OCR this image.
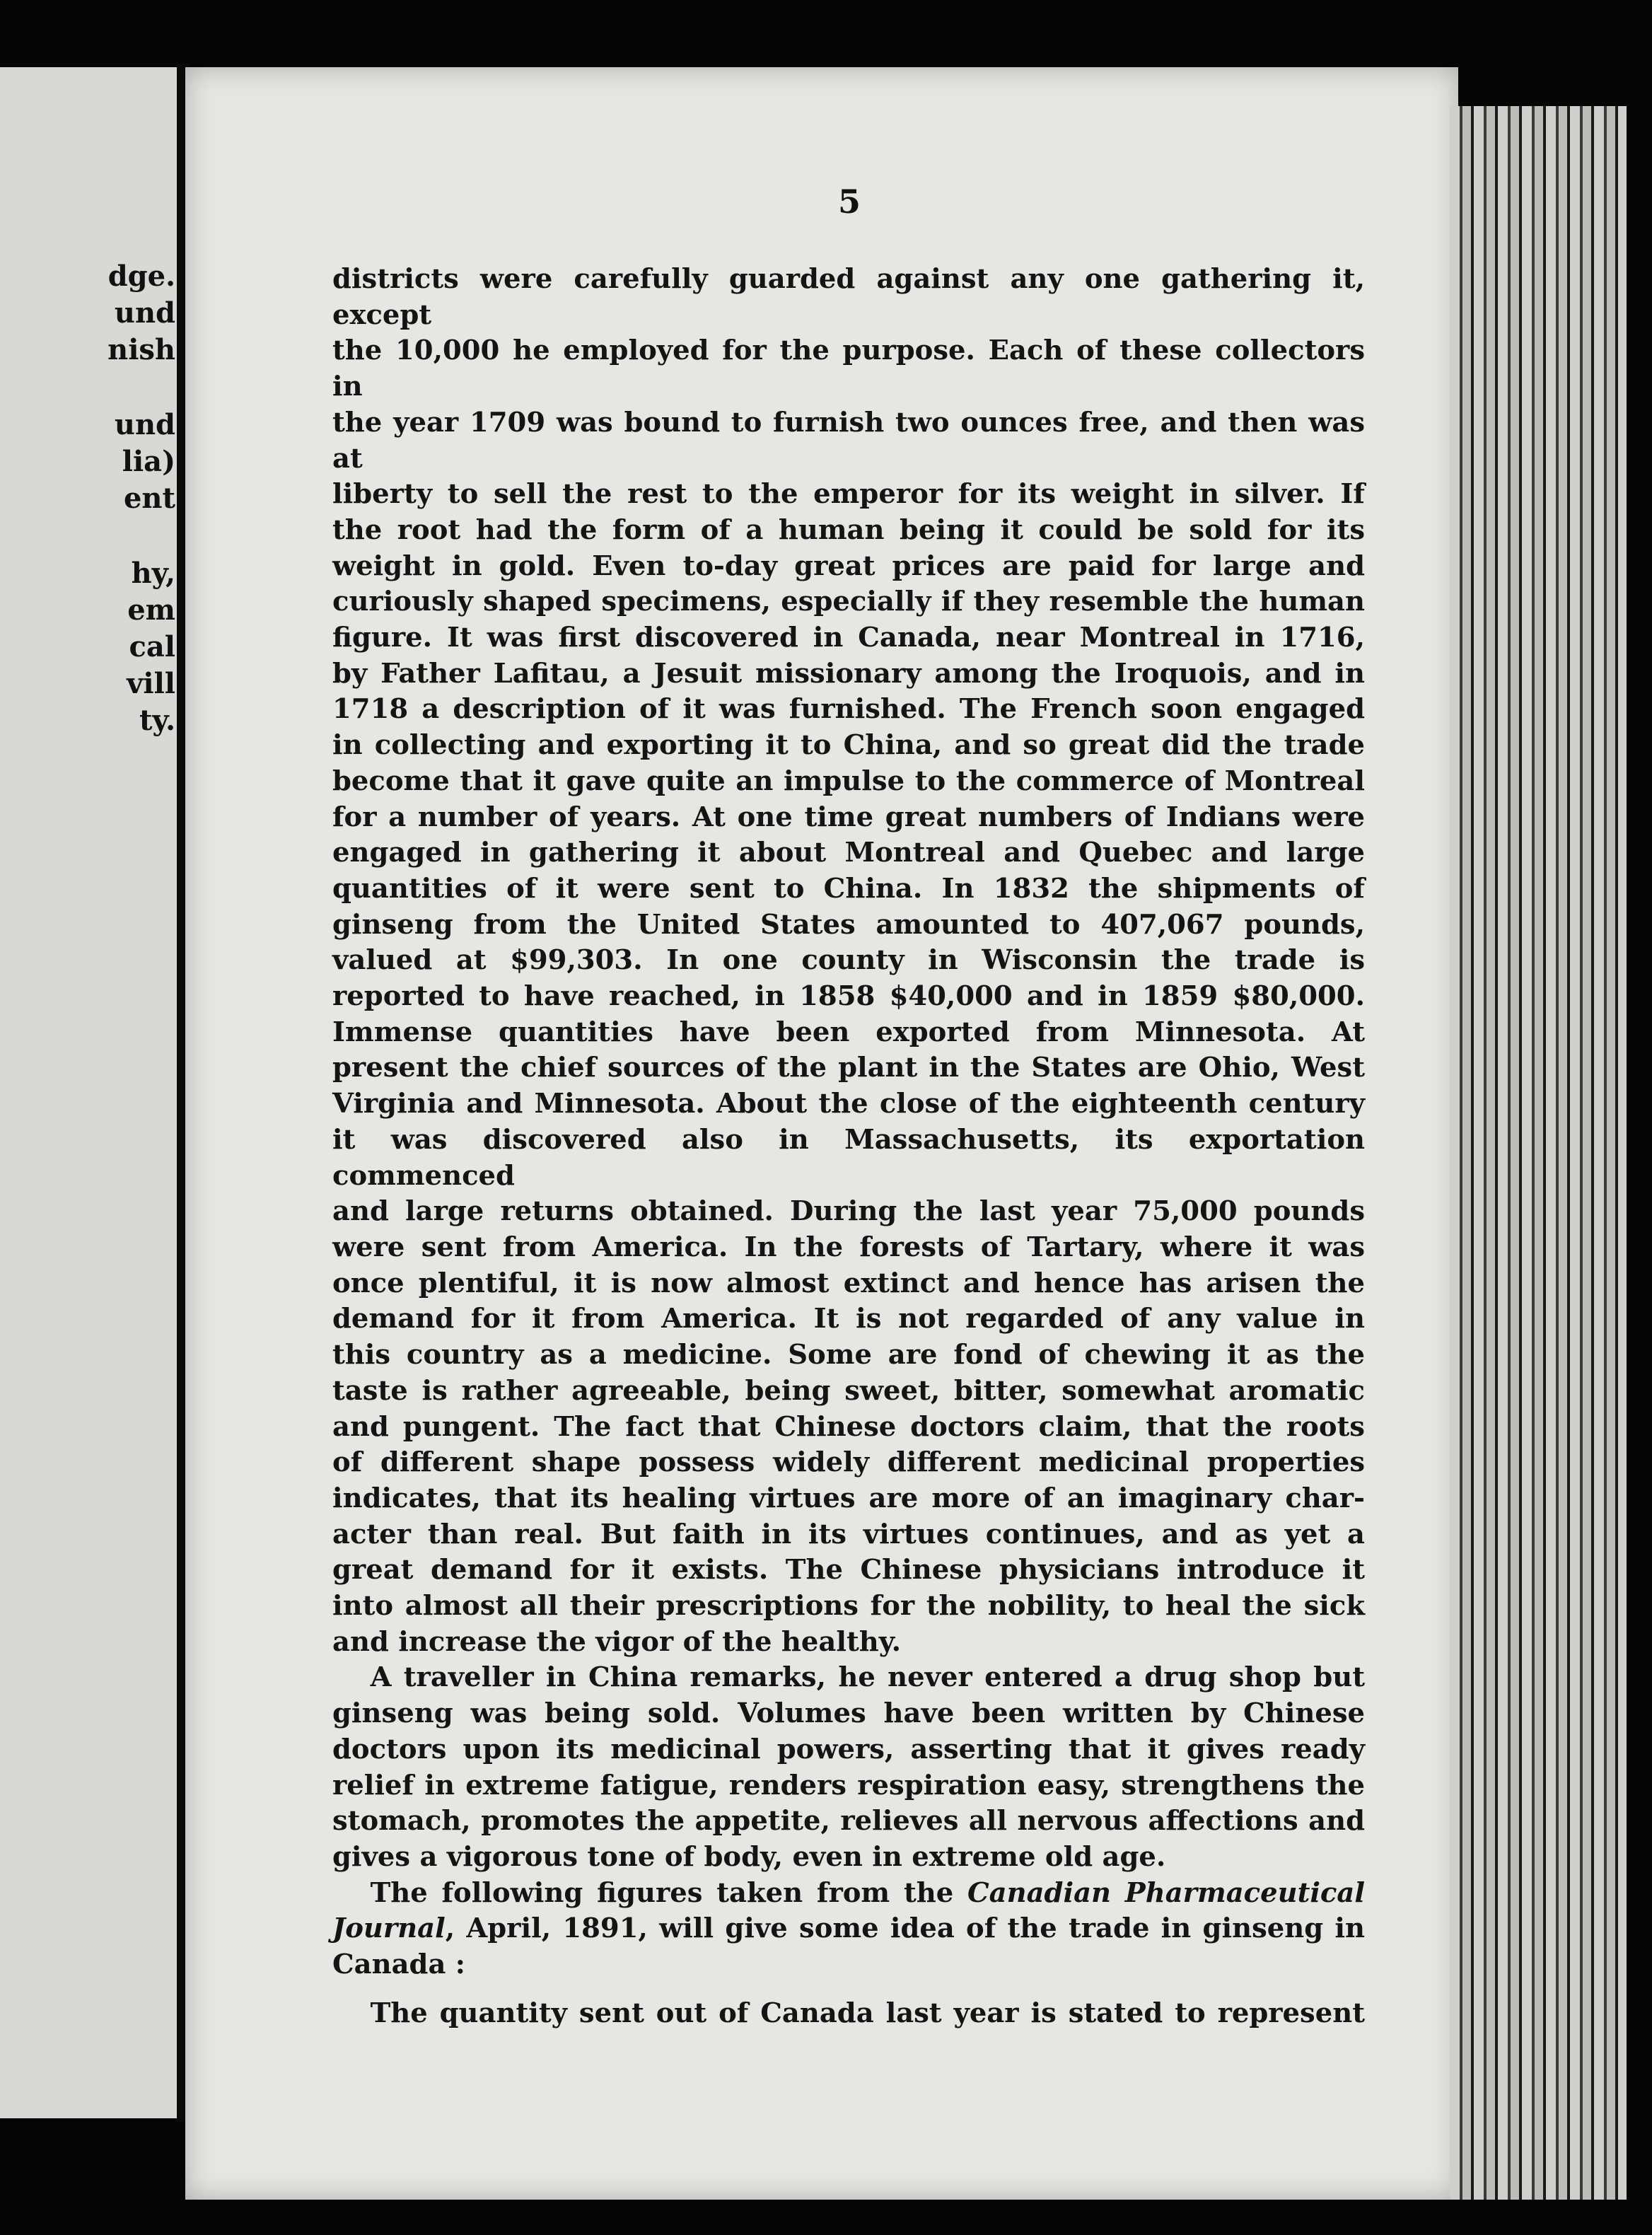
dge.
und
nish
und
lia)
ent
hy,
em
cal
vill
ty.
5

districts were carefully guarded against any one gathering it, except

the 10,000 he employed for the purpose. Each of these collectors in

the year 1709 was bound to furnish two ounces free, and then was at

liberty to sell the rest to the emperor for its weight in silver. If

the root had the form of a human being it could be sold for its

weight in gold. Even to-day great prices are paid for large and

curiously shaped specimens, especially if they resemble the human

figure. It was first discovered in Canada, near Montreal in 1716,

by Father Lafitau, a Jesuit missionary among the Iroquois, and in

1718 a description of it was furnished. The French soon engaged

in collecting and exporting it to China, and so great did the trade

become that it gave quite an impulse to the commerce of Montreal

for a number of years. At one time great numbers of Indians were

engaged in gathering it about Montreal and Quebec and large

quantities of it were sent to China. In 1832 the shipments of

ginseng from the United States amounted to 407,067 pounds,

valued at $99,303. In one county in Wisconsin the trade is

reported to have reached, in 1858 $40,000 and in 1859 $80,000.

Immense quantities have been exported from Minnesota. At

present the chief sources of the plant in the States are Ohio, West

Virginia and Minnesota. About the close of the eighteenth century

it was discovered also in Massachusetts, its exportation commenced

and large returns obtained. During the last year 75,000 pounds

were sent from America. In the forests of Tartary, where it was

once plentiful, it is now almost extinct and hence has arisen the

demand for it from America. It is not regarded of any value in

this country as a medicine. Some are fond of chewing it as the

taste is rather agreeable, being sweet, bitter, somewhat aromatic

and pungent. The fact that Chinese doctors claim, that the roots

of different shape possess widely different medicinal properties

indicates, that its healing virtues are more of an imaginary char-

acter than real. But faith in its virtues continues, and as yet a

great demand for it exists. The Chinese physicians introduce it

into almost all their prescriptions for the nobility, to heal the sick

and increase the vigor of the healthy.

A traveller in China remarks, he never entered a drug shop but

ginseng was being sold. Volumes have been written by Chinese

doctors upon its medicinal powers, asserting that it gives ready

relief in extreme fatigue, renders respiration easy, strengthens the

stomach, promotes the appetite, relieves all nervous affections and

gives a vigorous tone of body, even in extreme old age.

The following figures taken from the Canadian Pharmaceutical

Journal, April, 1891, will give some idea of the trade in ginseng in

Canada :

The quantity sent out of Canada last year is stated to represent
